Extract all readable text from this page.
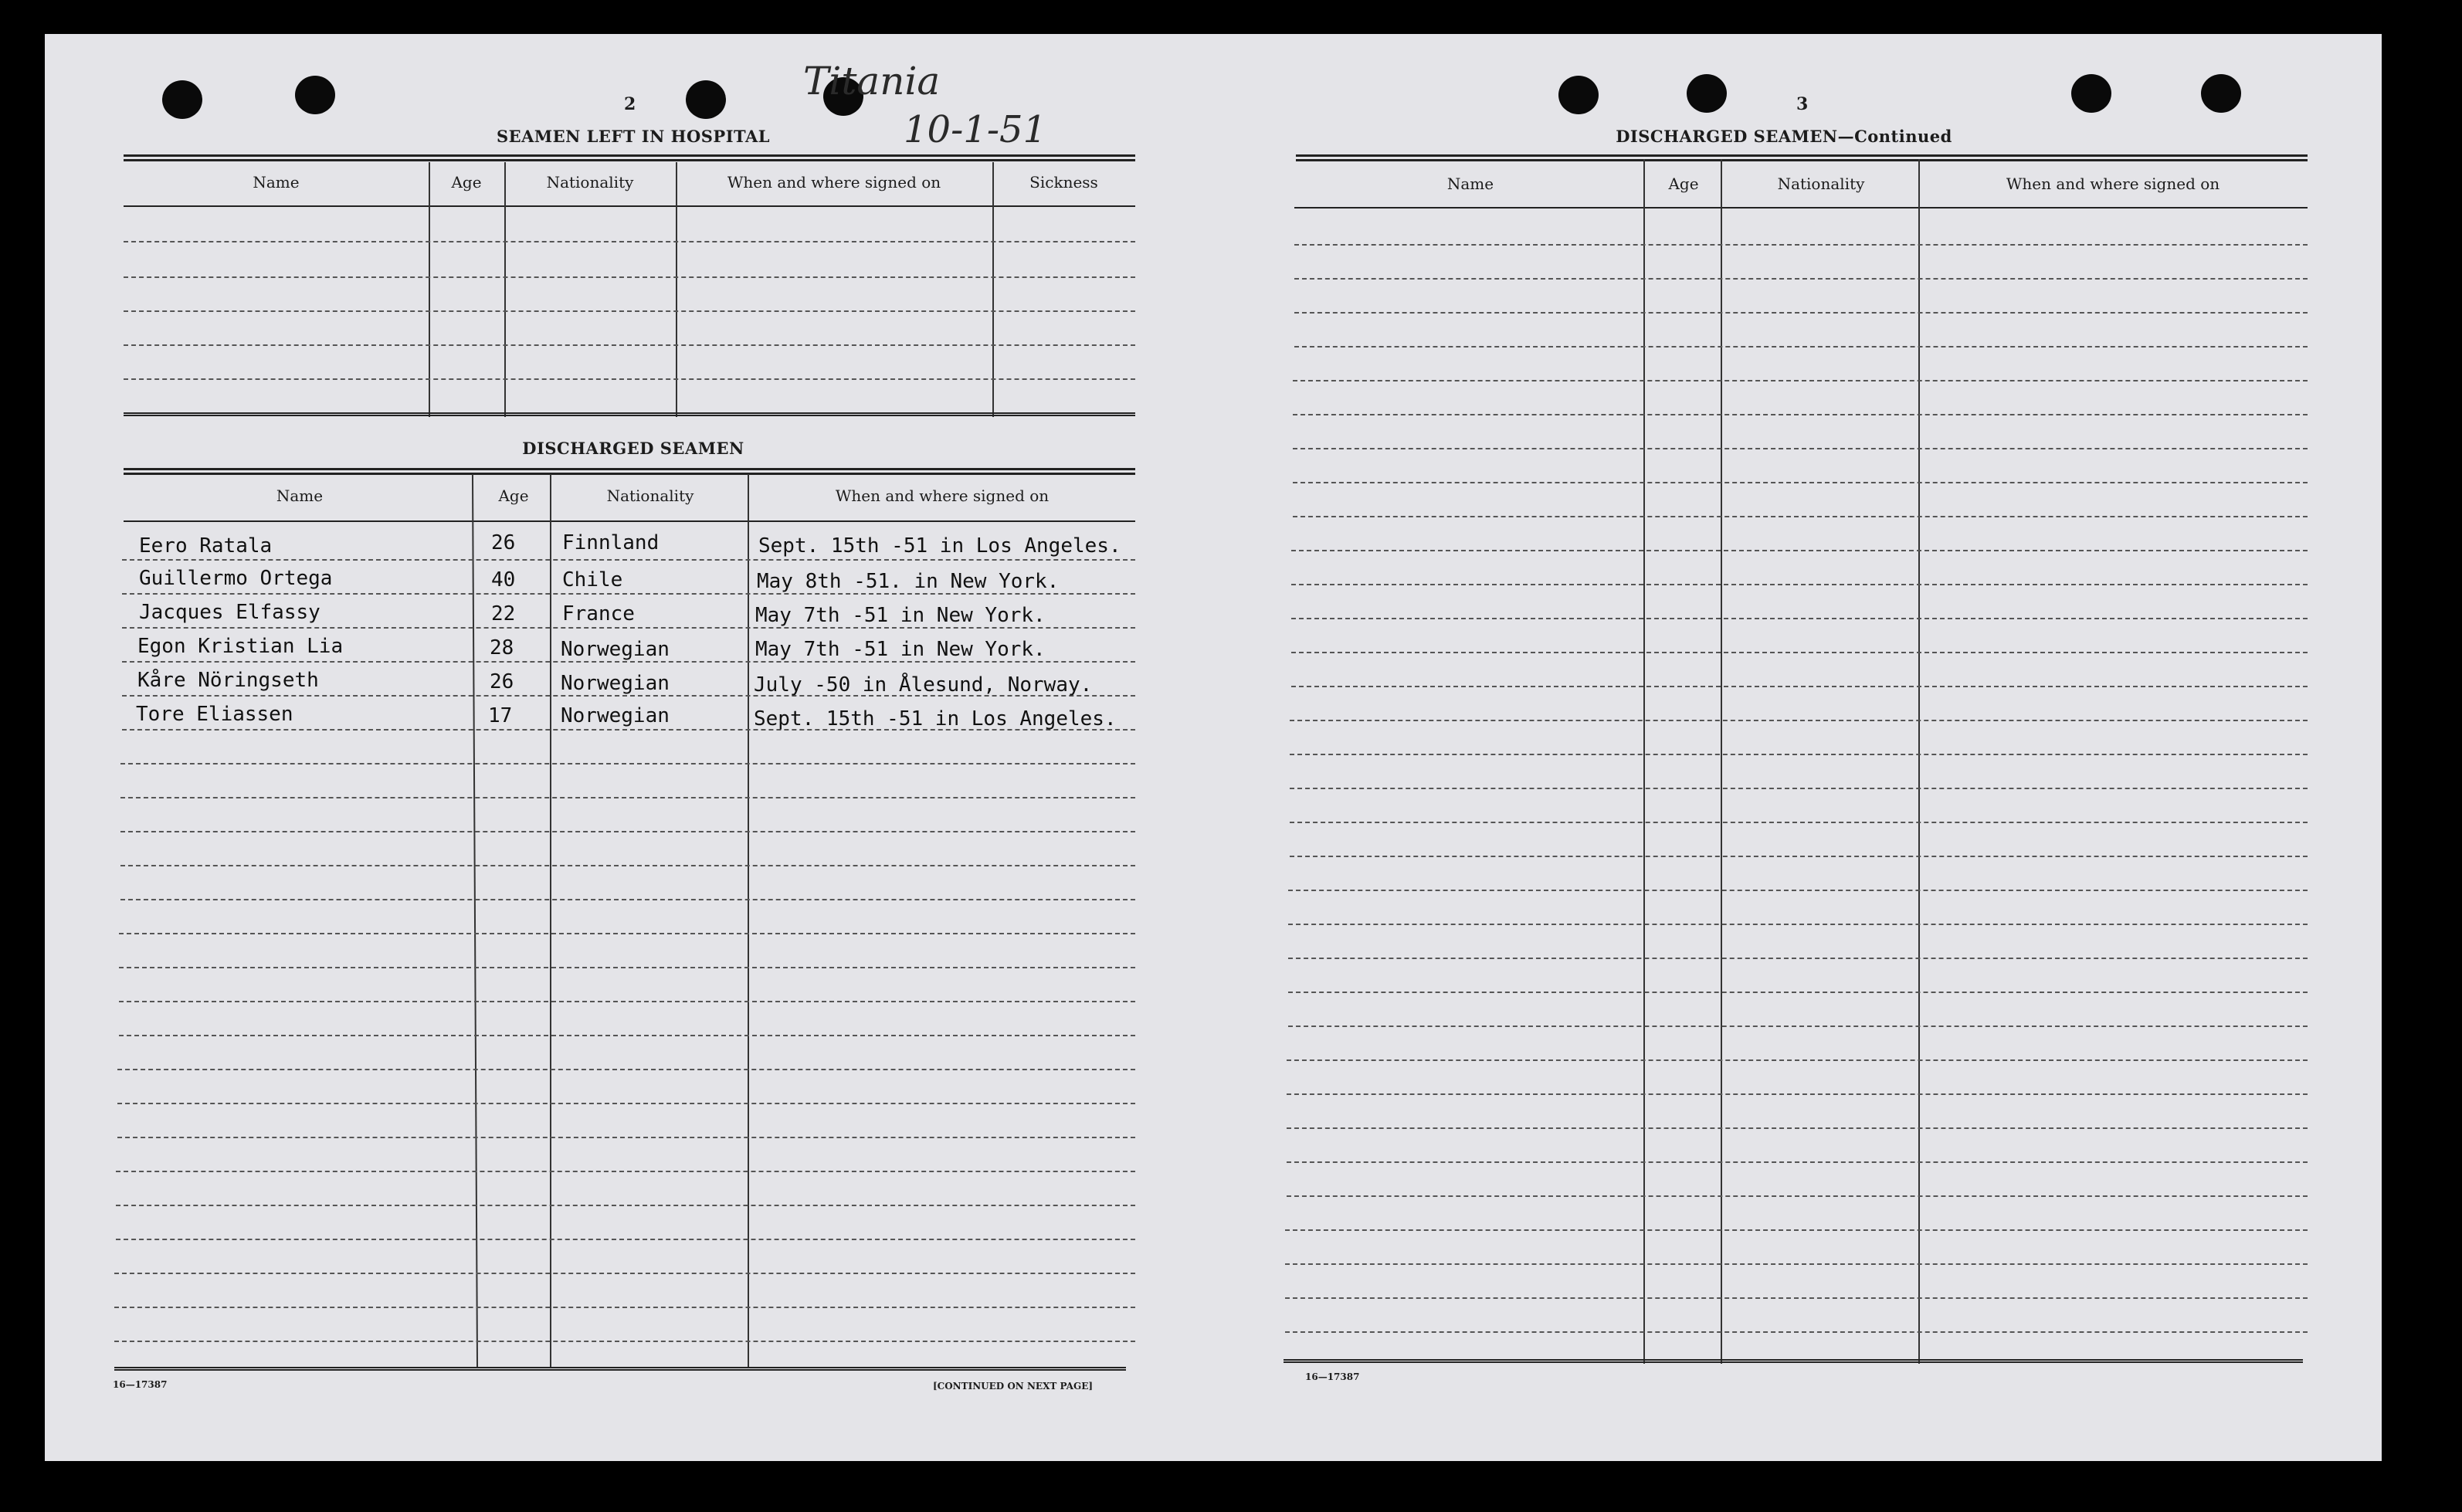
2
Titania
10-1-51
SEAMEN LEFT IN HOSPITAL
Name	Age	Nationality	When and where signed on	Sickness
DISCHARGED SEAMEN
Name	Age	Nationality	When and where signed on
Eero Ratala	26 Finnland	Sept. 15th -51 in Los Angeles.
Guillermo Ortega	40 Chile	May 8th -51. in New York.
Jacques Elfassy	22 France	May 7th -51 in New York.
Egon Kristian Lia	28 Norwegian	May 7th -51 in New York.
Kåre Nöringseth	26 Norwegian	July -50 in Ålesund, Norway.
Tore Eliassen	17 Norwegian	Sept. 15th -51 in Los Angeles.
16—17387	[CONTINUED ON NEXT PAGE]
3
DISCHARGED SEAMEN—Continued
Name	Age	Nationality	When and where signed on
16—17387
